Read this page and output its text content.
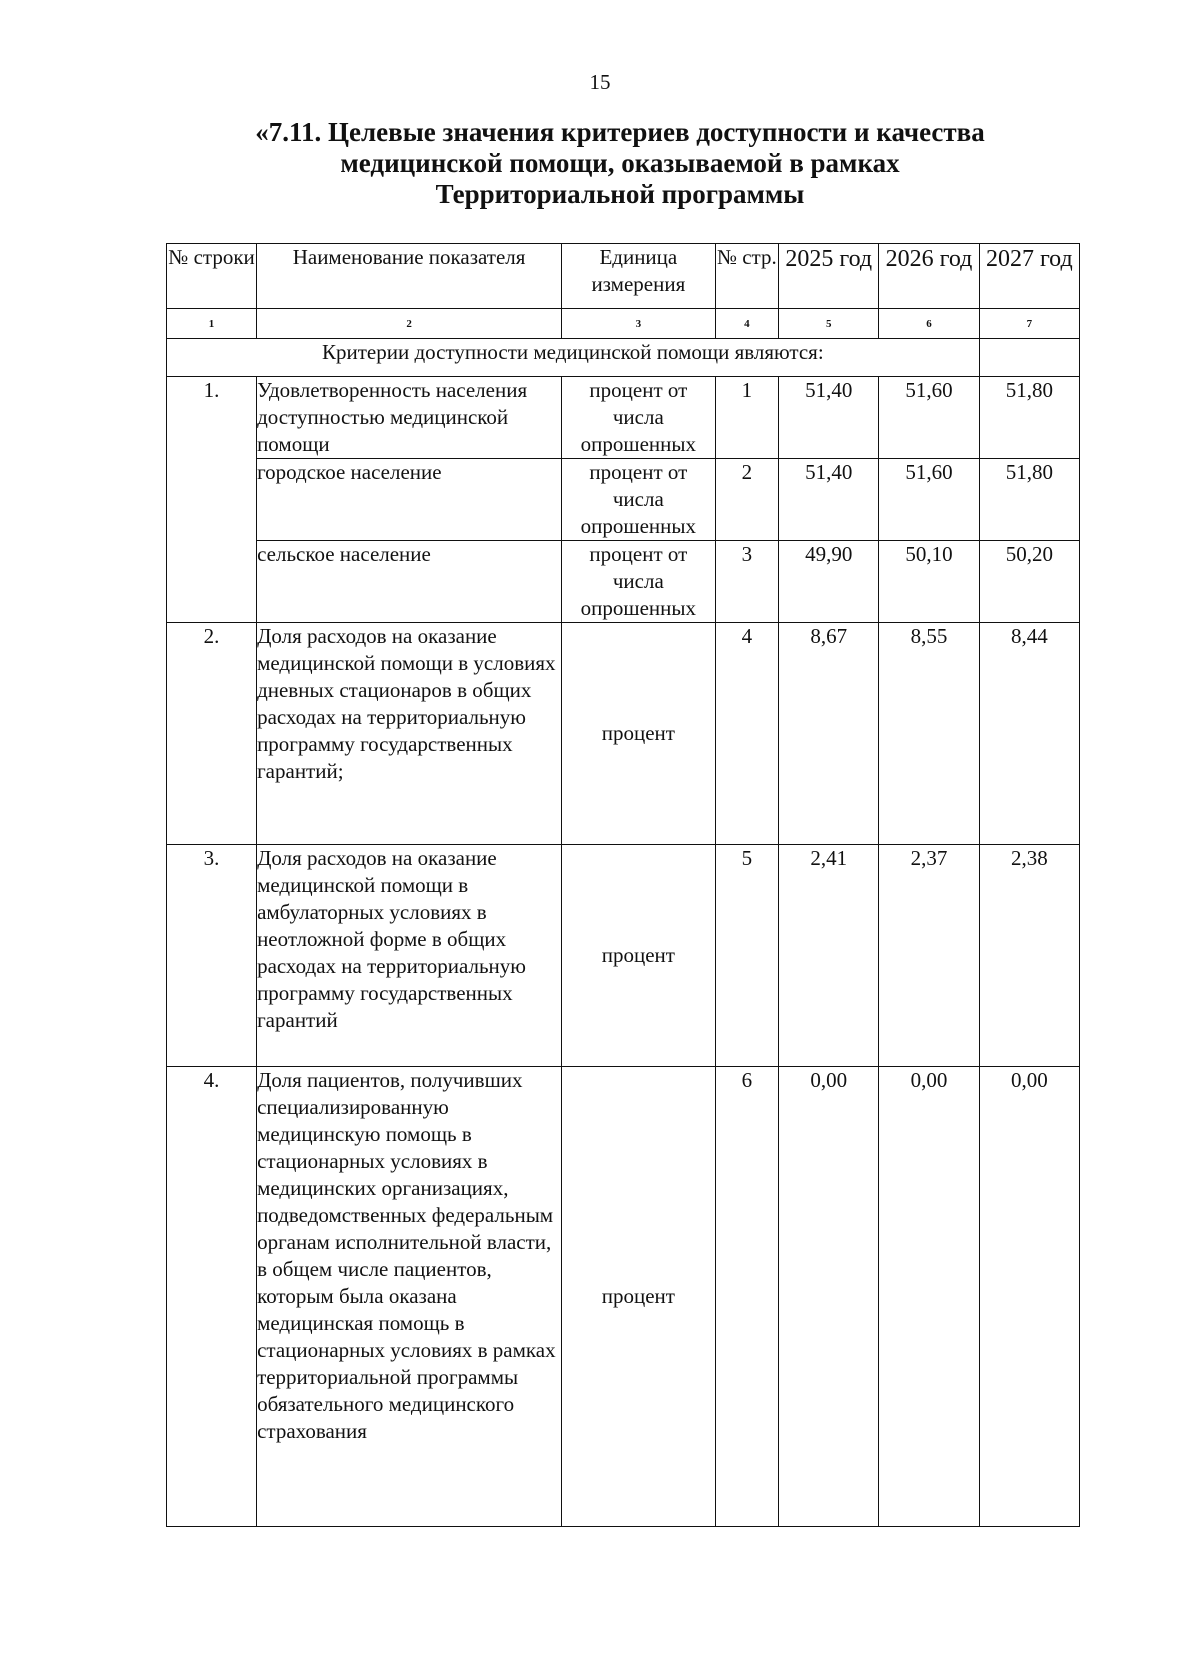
15
«7.11. Целевые значения критериев доступности и качества
медицинской помощи, оказываемой в рамках
Территориальной программы
№ строки	Наименование показателя	Единица измерения	№ стр.	2025 год	2026 год	2027 год
1	2	3	4	5	6	7
Критерии доступности медицинской помощи являются:						
1.	Удовлетворенность населения доступностью медицинской помощи	процент от числа опрошенных	1	51,40	51,60	51,80
	городское население	процент от числа опрошенных	2	51,40	51,60	51,80
	сельское население	процент от числа опрошенных	3	49,90	50,10	50,20
2.	Доля расходов на оказание медицинской помощи в условиях дневных стационаров в общих расходах на территориальную программу государственных гарантий;	процент	4	8,67	8,55	8,44
3.	Доля расходов на оказание медицинской помощи в амбулаторных условиях в неотложной форме в общих расходах на территориальную программу государственных гарантий	процент	5	2,41	2,37	2,38
4.	Доля пациентов, получивших специализированную медицинскую помощь в стационарных условиях в медицинских организациях, подведомственных федеральным органам исполнительной власти, в общем числе пациентов, которым была оказана медицинская помощь в стационарных условиях в рамках территориальной программы обязательного медицинского страхования	процент	6	0,00	0,00	0,00
